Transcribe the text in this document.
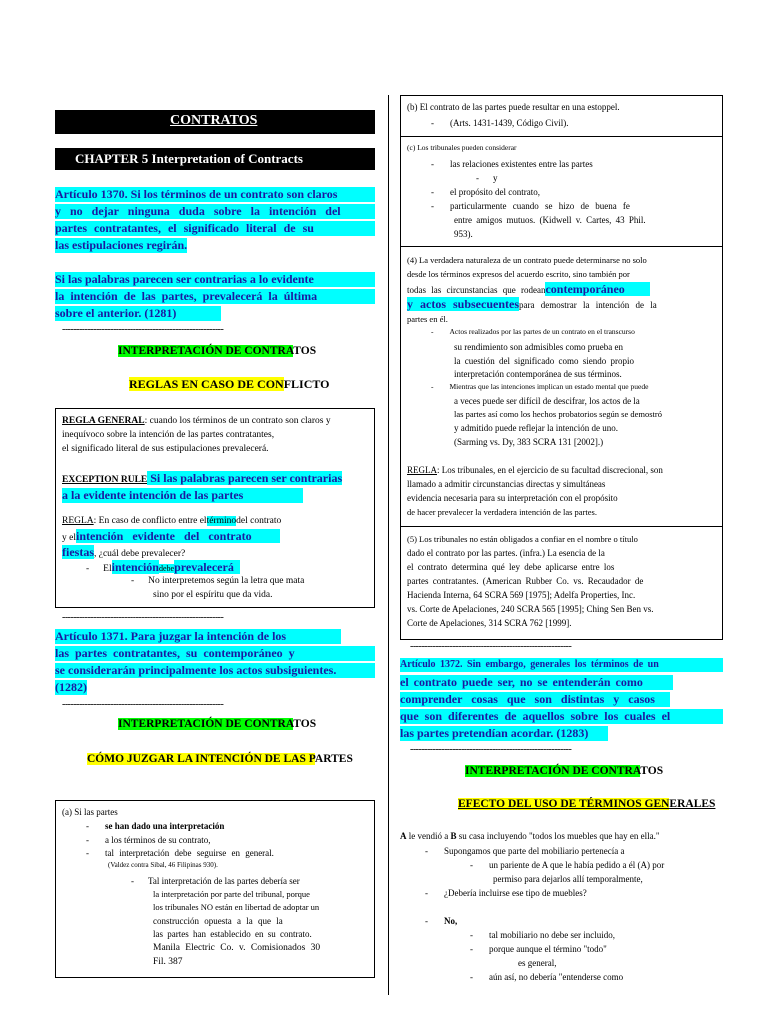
CONTRATOS
CHAPTER 5 Interpretation of Contracts
Artículo 1370. Si los términos de un contrato son claros
y no dejar ninguna duda sobre la intención del
partes contratantes, el significado literal de su
las estipulaciones regirán.
Si las palabras parecen ser contrarias a lo evidente
la intención de las partes, prevalecerá la última
sobre el anterior. (1281)
---------------------------------------------------------
INTERPRETACIÓN DE CONTRATOS
REGLAS EN CASO DE CONFLICTO
REGLA GENERAL: cuando los términos de un contrato son claros y
inequívoco sobre la intención de las partes contratantes,
el significado literal de sus estipulaciones prevalecerá.
EXCEPTION RULE Si las palabras parecen ser contrarias
a la evidente intención de las partes
REGLA: En caso de conflicto entre eltérminodel contrato
y elintención evidente del contrato
fiestas, ¿cuál debe prevalecer?
- Elintencióndebeprevalecerá
- No interpretemos según la letra que mata
sino por el espíritu que da vida.
---------------------------------------------------------
Artículo 1371. Para juzgar la intención de los
las partes contratantes, su contemporáneo y
se considerarán principalmente los actos subsiguientes.
(1282)
---------------------------------------------------------
INTERPRETACIÓN DE CONTRATOS
CÓMO JUZGAR LA INTENCIÓN DE LAS PARTES
(a) Si las partes
- se han dado una interpretación
- a los términos de su contrato,
- tal interpretación debe seguirse en general.
(Valdez contra Sibal, 46 Filipinas 930).
- Tal interpretación de las partes debería ser
la interpretación por parte del tribunal, porque
los tribunales NO están en libertad de adoptar un
construcción opuesta a la que la
las partes han establecido en su contrato.
Manila Electric Co. v. Comisionados 30
Fil. 387
(b) El contrato de las partes puede resultar en una estoppel.
- (Arts. 1431-1439, Código Civil).
(c) Los tribunales pueden considerar
- las relaciones existentes entre las partes
- y
- el propósito del contrato,
- particularmente cuando se hizo de buena fe
entre amigos mutuos. (Kidwell v. Cartes, 43 Phil.
953).
(4) La verdadera naturaleza de un contrato puede determinarse no solo
desde los términos expresos del acuerdo escrito, sino también por
todas las circunstancias que rodeancontemporáneo
y actos subsecuentespara demostrar la intención de la
partes en él.
- Actos realizados por las partes de un contrato en el transcurso
su rendimiento son admisibles como prueba en
la cuestión del significado como siendo propio
interpretación contemporánea de sus términos.
- Mientras que las intenciones implican un estado mental que puede
a veces puede ser difícil de descifrar, los actos de la
las partes así como los hechos probatorios según se demostró
y admitido puede reflejar la intención de uno.
(Sarming vs. Dy, 383 SCRA 131 [2002].)
REGLA: Los tribunales, en el ejercicio de su facultad discrecional, son
llamado a admitir circunstancias directas y simultáneas
evidencia necesaria para su interpretación con el propósito
de hacer prevalecer la verdadera intención de las partes.
(5) Los tribunales no están obligados a confiar en el nombre o título
dado el contrato por las partes. (infra.) La esencia de la
el contrato determina qué ley debe aplicarse entre los
partes contratantes. (American Rubber Co. vs. Recaudador de
Hacienda Interna, 64 SCRA 569 [1975]; Adelfa Properties, Inc.
vs. Corte de Apelaciones, 240 SCRA 565 [1995]; Ching Sen Ben vs.
Corte de Apelaciones, 314 SCRA 762 [1999].
---------------------------------------------------------
Artículo 1372. Sin embargo, generales los términos de un
el contrato puede ser, no se entenderán como
comprender cosas que son distintas y casos
que son diferentes de aquellos sobre los cuales el
las partes pretendían acordar. (1283)
---------------------------------------------------------
INTERPRETACIÓN DE CONTRATOS
EFECTO DEL USO DE TÉRMINOS GENERALES
A le vendió a B su casa incluyendo "todos los muebles que hay en ella."
- Supongamos que parte del mobiliario pertenecía a
- un pariente de A que le había pedido a él (A) por
permiso para dejarlos allí temporalmente,
- ¿Debería incluirse ese tipo de muebles?
- No,
- tal mobiliario no debe ser incluido,
- porque aunque el término "todo"
es general,
- aún así, no debería "entenderse como
